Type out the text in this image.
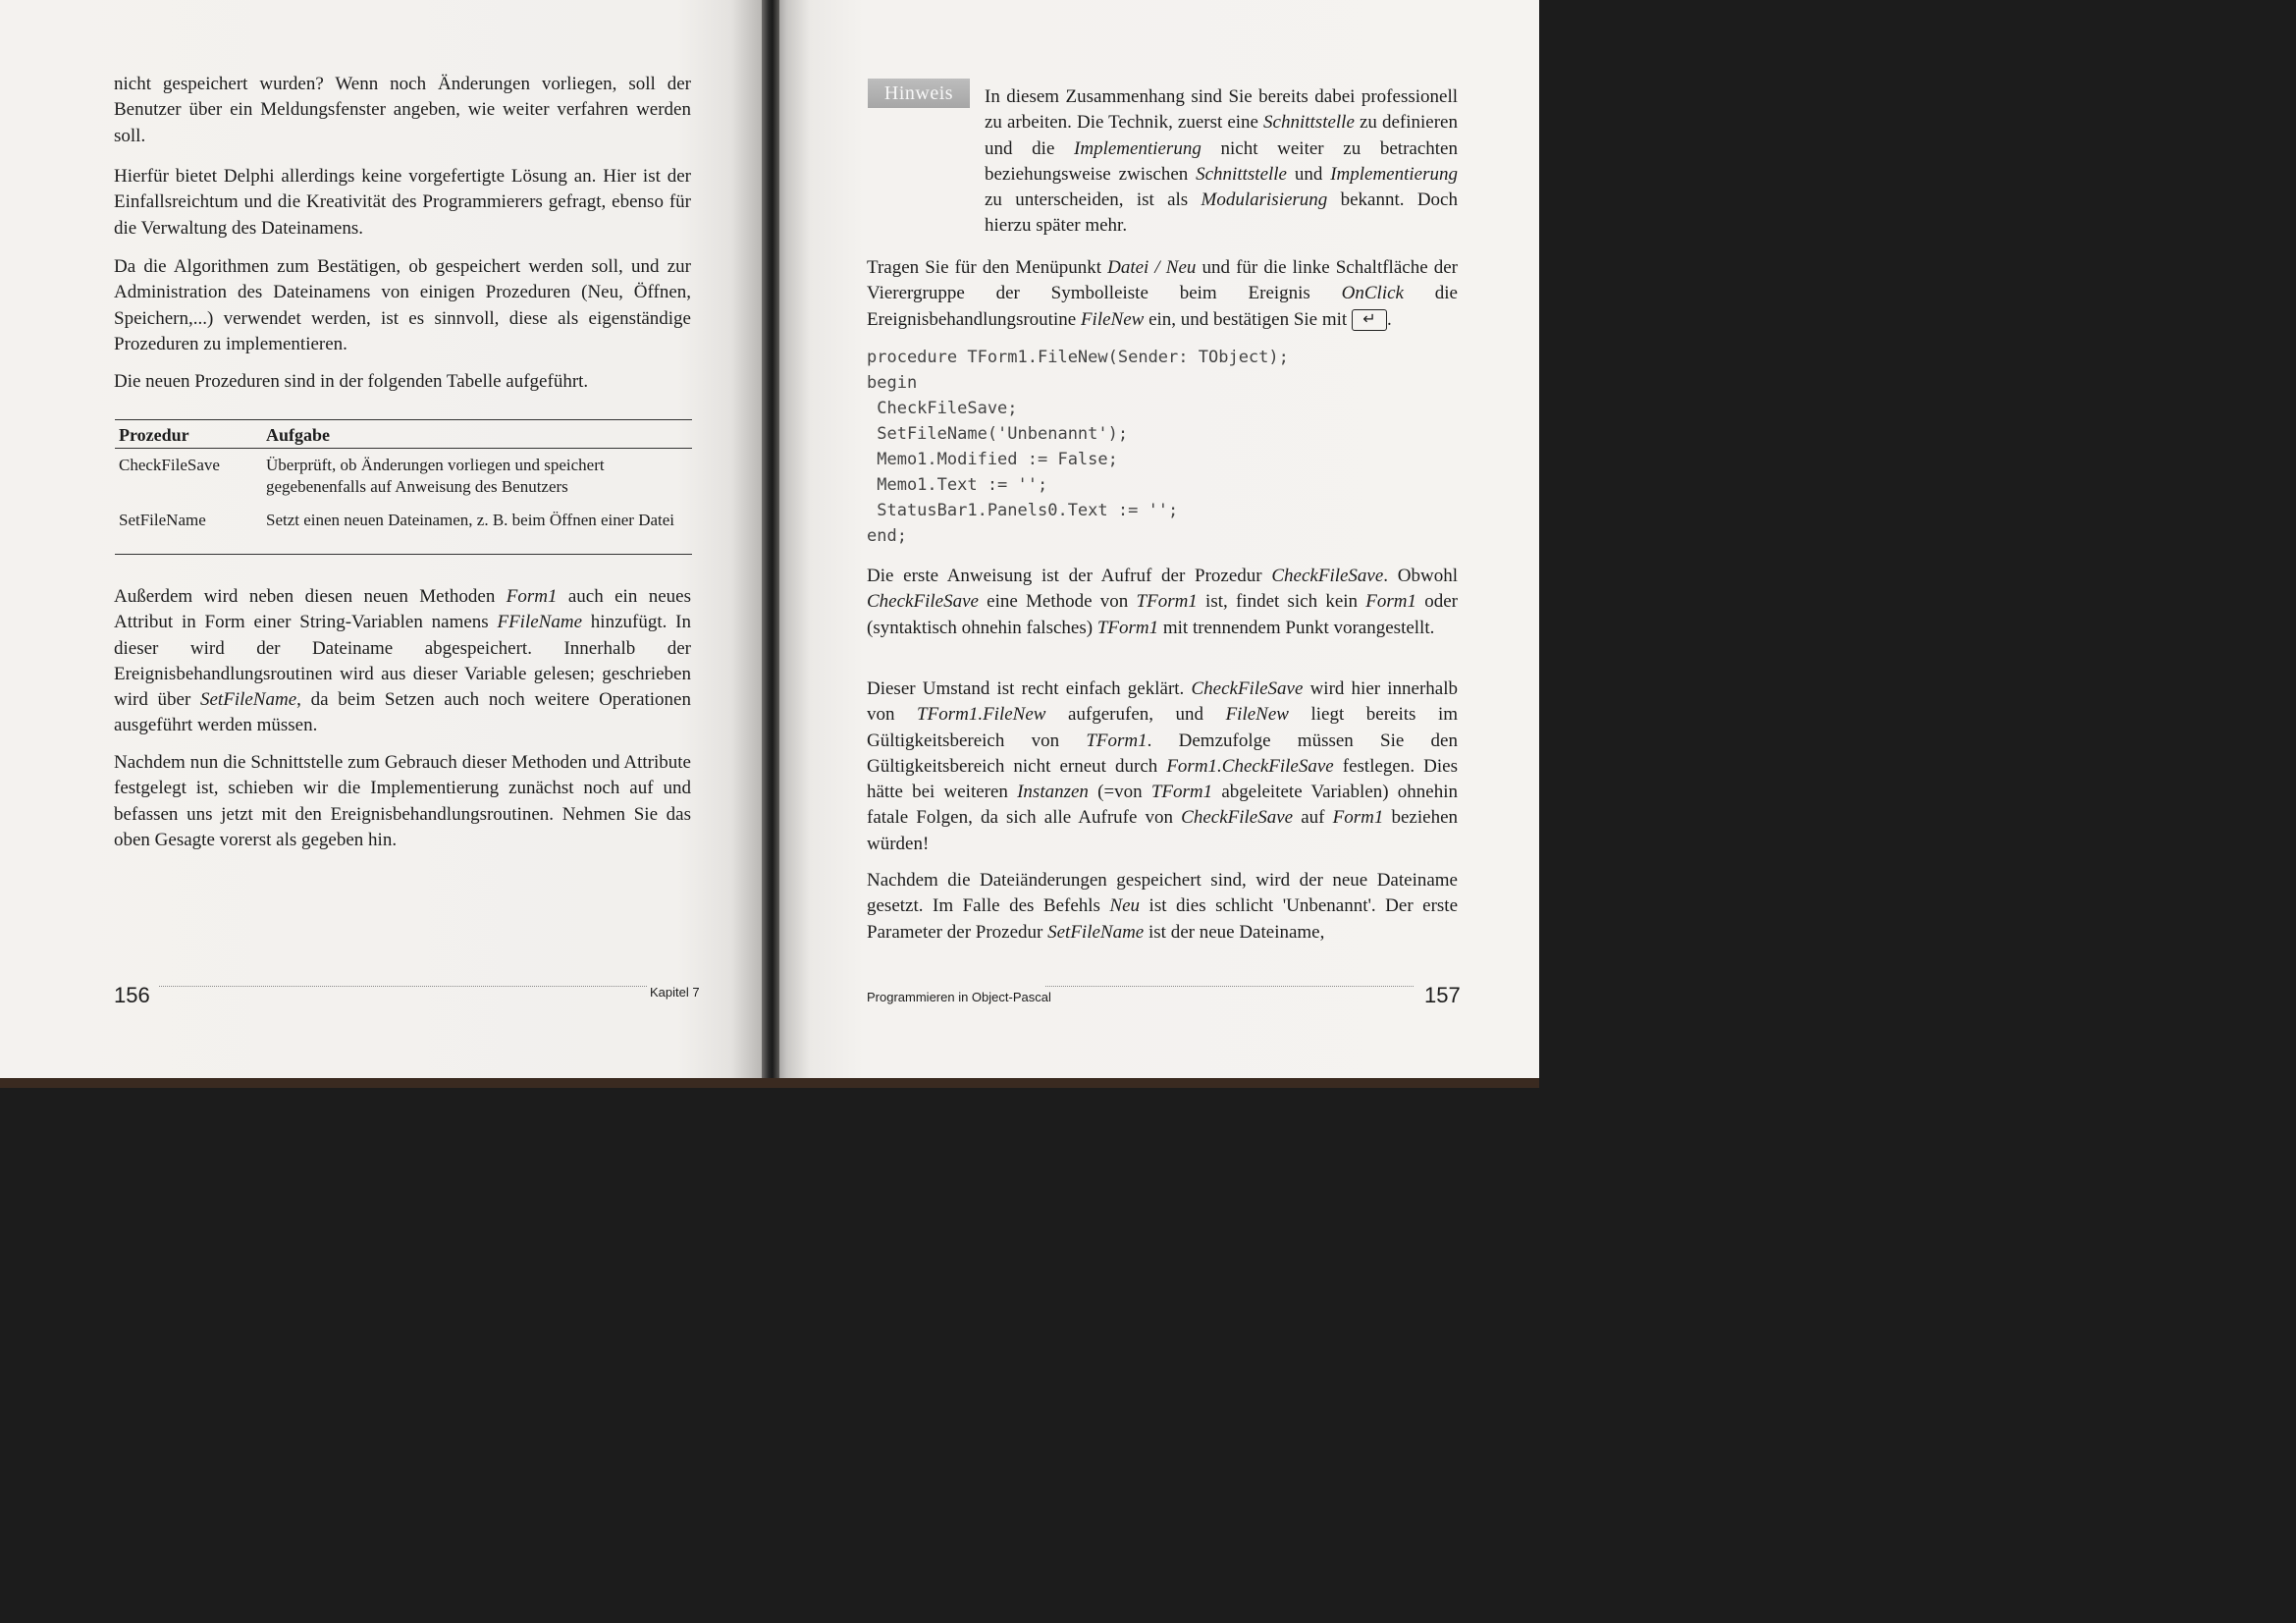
nicht gespeichert wurden? Wenn noch Änderungen vorliegen, soll der Benutzer über ein Meldungsfenster angeben, wie weiter verfahren werden soll.

Hierfür bietet Delphi allerdings keine vorgefertigte Lösung an. Hier ist der Einfallsreichtum und die Kreativität des Programmierers gefragt, ebenso für die Verwaltung des Dateinamens.

Da die Algorithmen zum Bestätigen, ob gespeichert werden soll, und zur Administration des Dateinamens von einigen Prozeduren (Neu, Öffnen, Speichern,...) verwendet werden, ist es sinnvoll, diese als eigenständige Prozeduren zu implementieren.

Die neuen Prozeduren sind in der folgenden Tabelle aufgeführt.

Prozedur	Aufgabe
CheckFileSave	Überprüft, ob Änderungen vorliegen und speichert gegebenenfalls auf Anweisung des Benutzers
SetFileName	Setzt einen neuen Dateinamen, z. B. beim Öffnen einer Datei

Außerdem wird neben diesen neuen Methoden Form1 auch ein neues Attribut in Form einer String-Variablen namens FFileName hinzufügt. In dieser wird der Dateiname abgespeichert. Innerhalb der Ereignisbehandlungsroutinen wird aus dieser Variable gelesen; geschrieben wird über SetFileName, da beim Setzen auch noch weitere Operationen ausgeführt werden müssen.

Nachdem nun die Schnittstelle zum Gebrauch dieser Methoden und Attribute festgelegt ist, schieben wir die Implementierung zunächst noch auf und befassen uns jetzt mit den Ereignisbehandlungsroutinen. Nehmen Sie das oben Gesagte vorerst als gegeben hin.

156	Kapitel 7
Hinweis	In diesem Zusammenhang sind Sie bereits dabei professionell zu arbeiten. Die Technik, zuerst eine Schnittstelle zu definieren und die Implementierung nicht weiter zu betrachten beziehungsweise zwischen Schnittstelle und Implementierung zu unterscheiden, ist als Modularisierung bekannt. Doch hierzu später mehr.

Tragen Sie für den Menüpunkt Datei / Neu und für die linke Schaltfläche der Vierergruppe der Symbolleiste beim Ereignis OnClick die Ereignisbehandlungsroutine FileNew ein, und bestätigen Sie mit ↵ .

procedure TForm1.FileNew(Sender: TObject);
begin
CheckFileSave;
SetFileName('Unbenannt');
Memo1.Modified := False;
Memo1.Text := '';
StatusBar1.Panels0.Text := '';
end;

Die erste Anweisung ist der Aufruf der Prozedur CheckFileSave. Obwohl CheckFileSave eine Methode von TForm1 ist, findet sich kein Form1 oder (syntaktisch ohnehin falsches) TForm1 mit trennendem Punkt vorangestellt.

Dieser Umstand ist recht einfach geklärt. CheckFileSave wird hier innerhalb von TForm1.FileNew aufgerufen, und FileNew liegt bereits im Gültigkeitsbereich von TForm1. Demzufolge müssen Sie den Gültigkeitsbereich nicht erneut durch Form1.CheckFileSave festlegen. Dies hätte bei weiteren Instanzen (=von TForm1 abgeleitete Variablen) ohnehin fatale Folgen, da sich alle Aufrufe von CheckFileSave auf Form1 beziehen würden!

Nachdem die Dateiänderungen gespeichert sind, wird der neue Dateiname gesetzt. Im Falle des Befehls Neu ist dies schlicht 'Unbenannt'. Der erste Parameter der Prozedur SetFileName ist der neue Dateiname,

Programmieren in Object-Pascal	157
